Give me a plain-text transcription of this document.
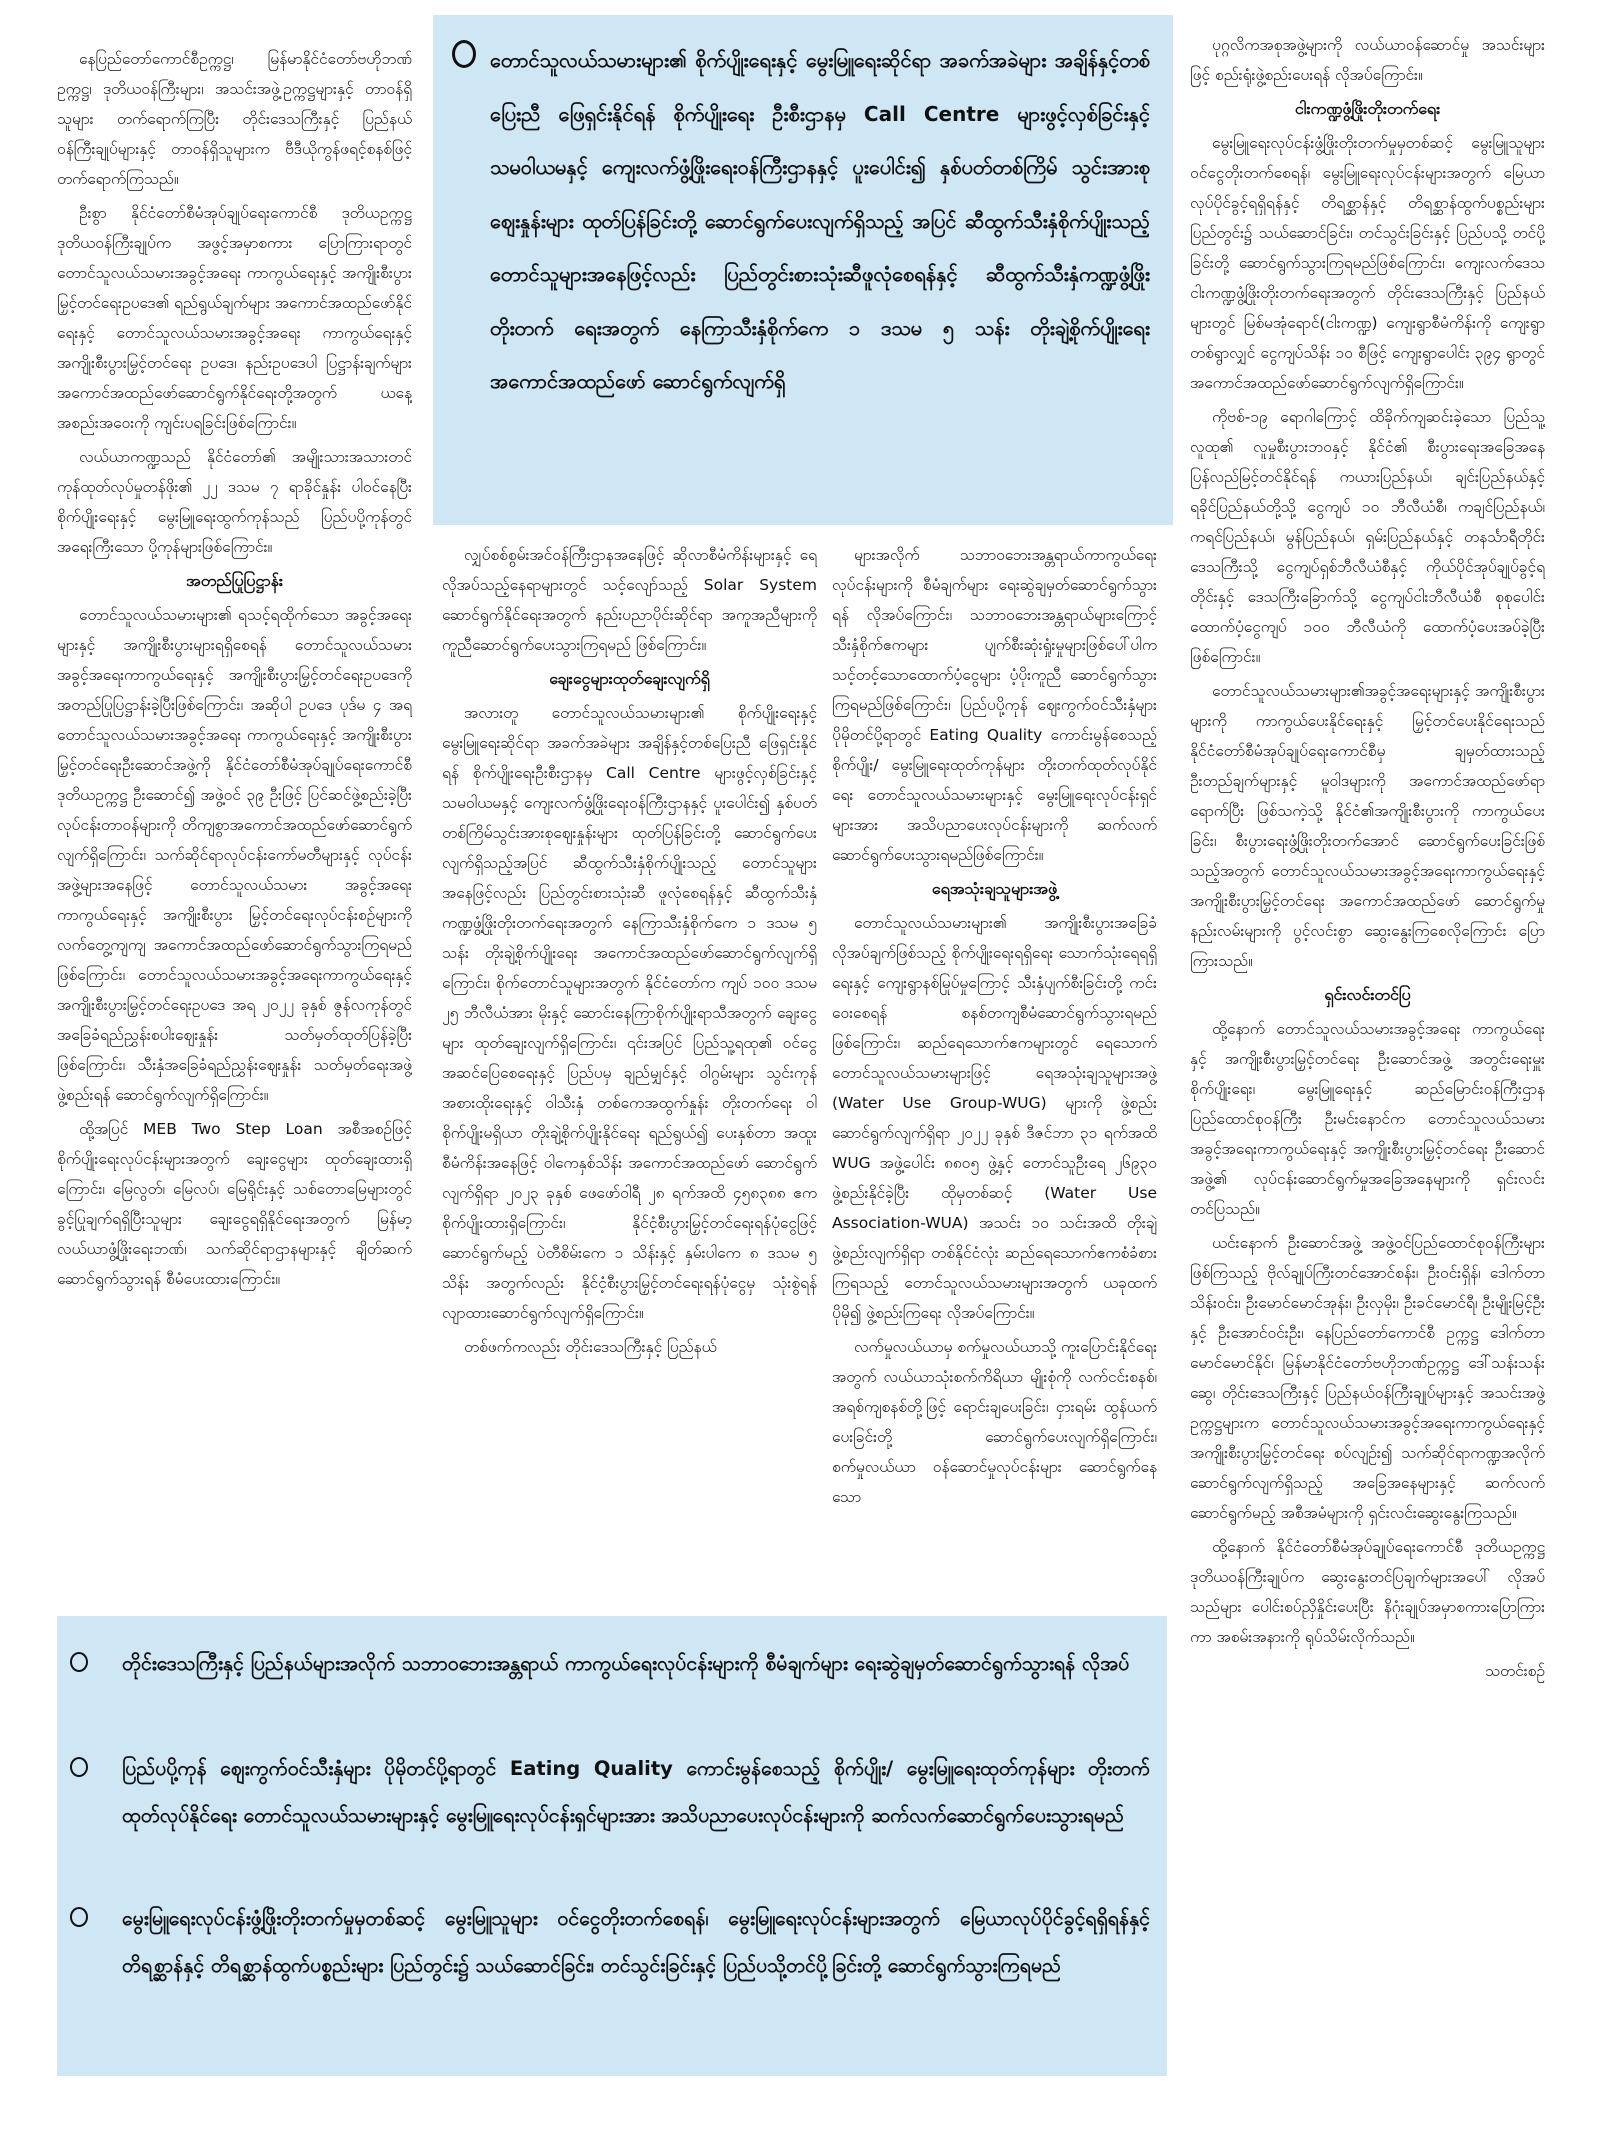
နေပြည်တော်ကောင်စီဥက္ကဋ္ဌ၊ မြန်မာနိုင်ငံတော်ဗဟိုဘဏ်ဥက္ကဋ္ဌ၊ ဒုတိယဝန်ကြီးများ၊ အသင်းအဖွဲ့ဥက္ကဋ္ဌများနှင့် တာဝန်ရှိသူများ တက်ရောက်ကြပြီး တိုင်းဒေသကြီးနှင့် ပြည်နယ်ဝန်ကြီးချုပ်များနှင့် တာဝန်ရှိသူများက ဗီဒီယိုကွန်ဖရင့်စနစ်ဖြင့် တက်ရောက်ကြသည်။

ဦးစွာ နိုင်ငံတော်စီမံအုပ်ချုပ်ရေးကောင်စီ ဒုတိယဥက္ကဋ္ဌ ဒုတိယဝန်ကြီးချုပ်က အဖွင့်အမှာစကား ပြောကြားရာတွင် တောင်သူလယ်သမားအခွင့်အရေး ကာကွယ်ရေးနှင့် အကျိုးစီးပွားမြှင့်တင်ရေးဥပဒေ၏ ရည်ရွယ်ချက်များ အကောင်အထည်ဖော်နိုင်ရေးနှင့် တောင်သူလယ်သမားအခွင့်အရေး ကာကွယ်ရေးနှင့် အကျိုးစီးပွားမြှင့်တင်ရေး ဥပဒေ၊ နည်းဥပဒေပါ ပြဋ္ဌာန်းချက်များ အကောင်အထည်ဖော်ဆောင်ရွက်နိုင်ရေးတို့အတွက် ယနေ့အစည်းအဝေးကို ကျင်းပရခြင်းဖြစ်ကြောင်း။

လယ်ယာကဏ္ဍသည် နိုင်ငံတော်၏ အမျိုးသားအသားတင်ကုန်ထုတ်လုပ်မှုတန်ဖိုး၏ ၂၂ ဒသမ ၇ ရာခိုင်နှုန်း ပါဝင်နေပြီး စိုက်ပျိုးရေးနှင့် မွေးမြူရေးထွက်ကုန်သည် ပြည်ပပို့ကုန်တွင် အရေးကြီးသော ပို့ကုန်များဖြစ်ကြောင်း။

အတည်ပြုပြဋ္ဌာန်း

တောင်သူလယ်သမားများ၏ ရသင့်ရထိုက်သော အခွင့်အရေးများနှင့် အကျိုးစီးပွားများရရှိစေရန် တောင်သူလယ်သမား အခွင့်အရေးကာကွယ်ရေးနှင့် အကျိုးစီးပွားမြှင့်တင်ရေးဥပဒေကို အတည်ပြုပြဋ္ဌာန်းခဲ့ပြီးဖြစ်ကြောင်း၊ အဆိုပါ ဥပဒေ ပုဒ်မ ၄ အရ တောင်သူလယ်သမားအခွင့်အရေး ကာကွယ်ရေးနှင့် အကျိုးစီးပွားမြှင့်တင်ရေးဦးဆောင်အဖွဲ့ကို နိုင်ငံတော်စီမံအုပ်ချုပ်ရေးကောင်စီ ဒုတိယဥက္ကဋ္ဌ ဦးဆောင်၍ အဖွဲ့ဝင် ၃၉ ဦးဖြင့် ပြင်ဆင်ဖွဲ့စည်းခဲ့ပြီး လုပ်ငန်းတာဝန်များကို တိကျစွာအကောင်အထည်ဖော်ဆောင်ရွက်လျက်ရှိကြောင်း၊ သက်ဆိုင်ရာလုပ်ငန်းကော်မတီများနှင့် လုပ်ငန်းအဖွဲ့များအနေဖြင့် တောင်သူလယ်သမား အခွင့်အရေးကာကွယ်ရေးနှင့် အကျိုးစီးပွား မြှင့်တင်ရေးလုပ်ငန်းစဉ်များကို လက်တွေ့ကျကျ အကောင်အထည်ဖော်ဆောင်ရွက်သွားကြရမည်ဖြစ်ကြောင်း၊ တောင်သူလယ်သမားအခွင့်အရေးကာကွယ်ရေးနှင့် အကျိုးစီးပွားမြှင့်တင်ရေးဥပဒေ အရ ၂၀၂၂ ခုနှစ် ဇွန်လကုန်တွင် အခြေခံရည်ညွှန်းစပါးဈေးနှုန်း သတ်မှတ်ထုတ်ပြန်ခဲ့ပြီးဖြစ်ကြောင်း၊ သီးနှံအခြေခံရည်ညွှန်းဈေးနှုန်း သတ်မှတ်ရေးအဖွဲ့ ဖွဲ့စည်းရန် ဆောင်ရွက်လျက်ရှိကြောင်း။

ထို့အပြင် MEB Two Step Loan အစီအစဉ်ဖြင့် စိုက်ပျိုးရေးလုပ်ငန်းများအတွက် ချေးငွေများ ထုတ်ချေးထားရှိကြောင်း၊ မြေလွတ်၊ မြေလပ်၊ မြေရိုင်းနှင့် သစ်တောမြေများတွင် ခွင့်ပြုချက်ရရှိပြီးသူများ ချေးငွေရရှိနိုင်ရေးအတွက် မြန်မာ့လယ်ယာဖွံ့ဖြိုးရေးဘဏ်၊ သက်ဆိုင်ရာဌာနများနှင့် ချိတ်ဆက်ဆောင်ရွက်သွားရန် စီမံပေးထားကြောင်း။

တောင်သူလယ်သမားများ၏ စိုက်ပျိုးရေးနှင့် မွေးမြူရေးဆိုင်ရာ အခက်အခဲများ အချိန်နှင့်တစ်ပြေးညီ ဖြေရှင်းနိုင်ရန် စိုက်ပျိုးရေး ဦးစီးဌာနမှ Call Centre များဖွင့်လှစ်ခြင်းနှင့် သမဝါယမနှင့် ကျေးလက်ဖွံ့ဖြိုးရေးဝန်ကြီးဌာနနှင့် ပူးပေါင်း၍ နှစ်ပတ်တစ်ကြိမ် သွင်းအားစုဈေးနှုန်းများ ထုတ်ပြန်ခြင်းတို့ ဆောင်ရွက်ပေးလျက်ရှိသည့် အပြင် ဆီထွက်သီးနှံစိုက်ပျိုးသည့် တောင်သူများအနေဖြင့်လည်း ပြည်တွင်းစားသုံးဆီဖူလုံစေရန်နှင့် ဆီထွက်သီးနှံကဏ္ဍဖွံ့ဖြိုးတိုးတက် ရေးအတွက် နေကြာသီးနှံစိုက်ကေ ၁ ဒသမ ၅ သန်း တိုးချဲ့စိုက်ပျိုးရေး အကောင်အထည်ဖော် ဆောင်ရွက်လျက်ရှိ

လျှပ်စစ်စွမ်းအင်ဝန်ကြီးဌာနအနေဖြင့် ဆိုလာစီမံကိန်းများနှင့် ရေလိုအပ်သည့်နေရာများတွင် သင့်လျော်သည့် Solar System ဆောင်ရွက်နိုင်ရေးအတွက် နည်းပညာပိုင်းဆိုင်ရာ အကူအညီများကို ကူညီဆောင်ရွက်ပေးသွားကြရမည် ဖြစ်ကြောင်း။

ချေးငွေများထုတ်ချေးလျက်ရှိ

အလားတူ တောင်သူလယ်သမားများ၏ စိုက်ပျိုးရေးနှင့် မွေးမြူရေးဆိုင်ရာ အခက်အခဲများ အချိန်နှင့်တစ်ပြေးညီ ဖြေရှင်းနိုင်ရန် စိုက်ပျိုးရေးဦးစီးဌာနမှ Call Centre များဖွင့်လှစ်ခြင်းနှင့် သမဝါယမနှင့် ကျေးလက်ဖွံ့ဖြိုးရေးဝန်ကြီးဌာနနှင့် ပူးပေါင်း၍ နှစ်ပတ်တစ်ကြိမ်သွင်းအားစုဈေးနှုန်းများ ထုတ်ပြန်ခြင်းတို့ ဆောင်ရွက်ပေးလျက်ရှိသည့်အပြင် ဆီထွက်သီးနှံစိုက်ပျိုးသည့် တောင်သူများအနေဖြင့်လည်း ပြည်တွင်းစားသုံးဆီ ဖူလုံစေရန်နှင့် ဆီထွက်သီးနှံကဏ္ဍဖွံ့ဖြိုးတိုးတက်ရေးအတွက် နေကြာသီးနှံစိုက်ကေ ၁ ဒသမ ၅ သန်း တိုးချဲ့စိုက်ပျိုးရေး အကောင်အထည်ဖော်ဆောင်ရွက်လျက်ရှိကြောင်း၊ စိုက်တောင်သူများအတွက် နိုင်ငံတော်က ကျပ် ၁၀၀ ဒသမ ၂၅ ဘီလီယံအား မိုးနှင့် ဆောင်းနေကြာစိုက်ပျိုးရာသီအတွက် ချေးငွေများ ထုတ်ချေးလျက်ရှိကြောင်း၊ ၎င်းအပြင် ပြည်သူ့ရထု၏ ဝင်ငွေအဆင်ပြေစေရေးနှင့် ပြည်ပမှ ချည်မျှင်နှင့် ဝါဂွမ်းများ သွင်းကုန်အစားထိုးရေးနှင့် ဝါသီးနှံ တစ်ကေအထွက်နှုန်း တိုးတက်ရေး ဝါစိုက်ပျိုးမရှိယာ တိုးချဲ့စိုက်ပျိုးနိုင်ရေး ရည်ရွယ်၍ ပေးနှစ်တာ အထူးစီမံကိန်းအနေဖြင့် ဝါကေနှစ်သိန်း အကောင်အထည်ဖော် ဆောင်ရွက်လျက်ရှိရာ ၂၀၂၃ ခုနှစ် ဖေဖော်ဝါရီ ၂၈ ရက်အထိ ၄၅၈၃၈၈ ဧက စိုက်ပျိုးထားရှိကြောင်း၊ နိုင်ငံ့စီးပွားမြှင့်တင်ရေးရန်ပုံငွေဖြင့် ဆောင်ရွက်မည့် ပဲတီစိမ်းကေ ၁ သိန်းနှင့် နှမ်းပါကေ ၈ ဒသမ ၅ သိန်း အတွက်လည်း နိုင်ငံ့စီးပွားမြှင့်တင်ရေးရန်ပုံငွေမှ သုံးစွဲရန် လျာထားဆောင်ရွက်လျက်ရှိကြောင်း။

တစ်ဖက်ကလည်း တိုင်းဒေသကြီးနှင့် ပြည်နယ်

များအလိုက် သဘာဝဘေးအန္တရာယ်ကာကွယ်ရေး လုပ်ငန်းများကို စီမံချက်များ ရေးဆွဲချမှတ်ဆောင်ရွက်သွားရန် လိုအပ်ကြောင်း၊ သဘာဝဘေးအန္တရာယ်များကြောင့် သီးနှံစိုက်ဧကများ ပျက်စီးဆုံးရှုံးမှုများဖြစ်ပေါ်ပါက သင့်တင့်သောထောက်ပံ့ငွေများ ပံ့ပိုးကူညီ ဆောင်ရွက်သွားကြရမည်ဖြစ်ကြောင်း၊ ပြည်ပပို့ကုန် ဈေးကွက်ဝင်သီးနှံများ ပိုမိုတင်ပို့ရာတွင် Eating Quality ကောင်းမွန်စေသည့် စိုက်ပျိုး/ မွေးမြူရေးထုတ်ကုန်များ တိုးတက်ထုတ်လုပ်နိုင်ရေး တောင်သူလယ်သမားများနှင့် မွေးမြူရေးလုပ်ငန်းရှင်များအား အသိပညာပေးလုပ်ငန်းများကို ဆက်လက်ဆောင်ရွက်ပေးသွားရမည်ဖြစ်ကြောင်း။

ရေအသုံးချသူများအဖွဲ့

တောင်သူလယ်သမားများ၏ အကျိုးစီးပွားအခြေခံလိုအပ်ချက်ဖြစ်သည့် စိုက်ပျိုးရေးရရှိရေး သောက်သုံးရေရရှိရေးနှင့် ကျေးရွာနစ်မြုပ်မှုကြောင့် သီးနှံပျက်စီးခြင်းတို့ ကင်းဝေးစေရန် စနစ်တကျစီမံဆောင်ရွက်သွားရမည် ဖြစ်ကြောင်း၊ ဆည်ရေသောက်ဧကများတွင် ရေသောက်တောင်သူလယ်သမားများဖြင့် ရေအသုံးချသူများအဖွဲ့ (Water Use Group-WUG) များကို ဖွဲ့စည်းဆောင်ရွက်လျက်ရှိရာ ၂၀၂၂ ခုနှစ် ဒီဇင်ဘာ ၃၁ ရက်အထိ WUG အဖွဲ့ပေါင်း ၈၈၀၅ ဖွဲ့နှင့် တောင်သူဦးရေ ၂၆၉၃၀ ဖွဲ့စည်းနိုင်ခဲ့ပြီး ထိုမှတစ်ဆင့် (Water Use Association-WUA) အသင်း ၁၀ သင်းအထိ တိုးချဲ့ဖွဲ့စည်းလျက်ရှိရာ တစ်နိုင်ငံလုံး ဆည်ရေသောက်ဧကစံခံစားကြရသည့် တောင်သူလယ်သမားများအတွက် ယခုထက်ပိုမို၍ ဖွဲ့စည်းကြရေး လိုအပ်ကြောင်း။

လက်မှုလယ်ယာမှ စက်မှုလယ်ယာသို့ ကူးပြောင်းနိုင်ရေးအတွက် လယ်ယာသုံးစက်ကိရိယာ မျိုးစုံကို လက်ငင်းစနစ်၊ အရစ်ကျစနစ်တို့ဖြင့် ရောင်းချပေးခြင်း၊ ငှားရမ်း ထွန်ယက်ပေးခြင်းတို့ ဆောင်ရွက်ပေးလျက်ရှိကြောင်း၊ စက်မှုလယ်ယာ ဝန်ဆောင်မှုလုပ်ငန်းများ ဆောင်ရွက်နေသော

ပုဂ္ဂလိကအစုအဖွဲ့များကို လယ်ယာဝန်ဆောင်မှု အသင်းများဖြင့် စည်းရုံးဖွဲ့စည်းပေးရန် လိုအပ်ကြောင်း။

ငါးကဏ္ဍဖွံ့ဖြိုးတိုးတက်ရေး

မွေးမြူရေးလုပ်ငန်းဖွံ့ဖြိုးတိုးတက်မှုမှတစ်ဆင့် မွေးမြူသူများ ဝင်ငွေတိုးတက်စေရန်၊ မွေးမြူရေးလုပ်ငန်းများအတွက် မြေယာလုပ်ပိုင်ခွင့်ရရှိရန်နှင့် တိရစ္ဆာန်နှင့် တိရစ္ဆာန်ထွက်ပစ္စည်းများ ပြည်တွင်း၌ သယ်ဆောင်ခြင်း၊ တင်သွင်းခြင်းနှင့် ပြည်ပသို့ တင်ပို့ခြင်းတို့ ဆောင်ရွက်သွားကြရမည်ဖြစ်ကြောင်း၊ ကျေးလက်ဒေသ ငါးကဏ္ဍဖွံ့ဖြိုးတိုးတက်ရေးအတွက် တိုင်းဒေသကြီးနှင့် ပြည်နယ်များတွင် မြစ်မအုံရောင်(ငါးကဏ္ဍ) ကျေးရွာစီမံကိန်းကို ကျေးရွာတစ်ရွာလျှင် ငွေကျပ်သိန်း ၁၀ စီဖြင့် ကျေးရွာပေါင်း ၃၉၄ ရွာတွင် အကောင်အထည်ဖော်ဆောင်ရွက်လျက်ရှိကြောင်း။

ကိုဗစ်-၁၉ ရောဂါကြောင့် ထိခိုက်ကျဆင်းခဲ့သော ပြည်သူ့လူထု၏ လူမှုစီးပွားဘဝနှင့် နိုင်ငံ၏ စီးပွားရေးအခြေအနေ ပြန်လည်မြင့်တင်နိုင်ရန် ကယားပြည်နယ်၊ ချင်းပြည်နယ်နှင့် ရခိုင်ပြည်နယ်တို့သို့ ငွေကျပ် ၁၀ ဘီလီယံစီ၊ ကချင်ပြည်နယ်၊ ကရင်ပြည်နယ်၊ မွန်ပြည်နယ်၊ ရှမ်းပြည်နယ်နှင့် တနင်္သာရီတိုင်းဒေသကြီးသို့ ငွေကျပ်ရှစ်ဘီလီယံစီနှင့် ကိုယ်ပိုင်အုပ်ချုပ်ခွင့်ရ တိုင်းနှင့် ဒေသကြီးခြောက်သို့ ငွေကျပ်ငါးဘီလီယံစီ စုစုပေါင်းထောက်ပံ့ငွေကျပ် ၁၀၀ ဘီလီယံကို ထောက်ပံ့ပေးအပ်ခဲ့ပြီးဖြစ်ကြောင်း။

တောင်သူလယ်သမားများ၏အခွင့်အရေးများနှင့် အကျိုးစီးပွားများကို ကာကွယ်ပေးနိုင်ရေးနှင့် မြှင့်တင်ပေးနိုင်ရေးသည် နိုင်ငံတော်စီမံအုပ်ချုပ်ရေးကောင်စီမှ ချမှတ်ထားသည့် ဦးတည်ချက်များနှင့် မူဝါဒများကို အကောင်အထည်ဖော်ရာရောက်ပြီး ဖြစ်သကဲ့သို့ နိုင်ငံ၏အကျိုးစီးပွားကို ကာကွယ်ပေးခြင်း၊ စီးပွားရေးဖွံ့ဖြိုးတိုးတက်အောင် ဆောင်ရွက်ပေးခြင်းဖြစ်သည့်အတွက် တောင်သူလယ်သမားအခွင့်အရေးကာကွယ်ရေးနှင့် အကျိုးစီးပွားမြှင့်တင်ရေး အကောင်အထည်ဖော် ဆောင်ရွက်မှုနည်းလမ်းများကို ပွင့်လင်းစွာ ဆွေးနွေးကြစေလိုကြောင်း ပြောကြားသည်။

ရှင်းလင်းတင်ပြ

ထို့နောက် တောင်သူလယ်သမားအခွင့်အရေး ကာကွယ်ရေးနှင့် အကျိုးစီးပွားမြှင့်တင်ရေး ဦးဆောင်အဖွဲ့ အတွင်းရေးမှူး စိုက်ပျိုးရေး၊ မွေးမြူရေးနှင့် ဆည်မြောင်းဝန်ကြီးဌာန ပြည်ထောင်စုဝန်ကြီး ဦးမင်းနောင်က တောင်သူလယ်သမားအခွင့်အရေးကာကွယ်ရေးနှင့် အကျိုးစီးပွားမြှင့်တင်ရေး ဦးဆောင်အဖွဲ့၏ လုပ်ငန်းဆောင်ရွက်မှုအခြေအနေများကို ရှင်းလင်းတင်ပြသည်။

ယင်းနောက် ဦးဆောင်အဖွဲ့ အဖွဲ့ဝင်ပြည်ထောင်စုဝန်ကြီးများဖြစ်ကြသည့် ဗိုလ်ချုပ်ကြီးတင်အောင်စန်း၊ ဦးဝင်းရှိန်၊ ဒေါက်တာသိန်းဝင်း၊ ဦးမောင်မောင်အုန်း၊ ဦးလှမိုး၊ ဦးခင်မောင်ရီ၊ ဦးမျိုးမြင့်ဦးနှင့် ဦးအောင်ဝင်းဦး၊ နေပြည်တော်ကောင်စီ ဥက္ကဋ္ဌ ဒေါက်တာမောင်မောင်နိုင်၊ မြန်မာနိုင်ငံတော်ဗဟိုဘဏ်ဥက္ကဋ္ဌ ဒေါ်သန်းသန်းဆွေ၊ တိုင်းဒေသကြီးနှင့် ပြည်နယ်ဝန်ကြီးချုပ်များနှင့် အသင်းအဖွဲ့ဥက္ကဋ္ဌများက တောင်သူလယ်သမားအခွင့်အရေးကာကွယ်ရေးနှင့် အကျိုးစီးပွားမြှင့်တင်ရေး စပ်လျဉ်း၍ သက်ဆိုင်ရာကဏ္ဍအလိုက် ဆောင်ရွက်လျက်ရှိသည့် အခြေအနေများနှင့် ဆက်လက်ဆောင်ရွက်မည့် အစီအမံများကို ရှင်းလင်းဆွေးနွေးကြသည်။

ထို့နောက် နိုင်ငံတော်စီမံအုပ်ချုပ်ရေးကောင်စီ ဒုတိယဥက္ကဋ္ဌ ဒုတိယဝန်ကြီးချုပ်က ဆွေးနွေးတင်ပြချက်များအပေါ် လိုအပ်သည်များ ပေါင်းစပ်ညှိနှိုင်းပေးပြီး နိဂုံးချုပ်အမှာစကားပြောကြားကာ အစမ်းအနားကို ရုပ်သိမ်းလိုက်သည်။

သတင်းစဉ်

တိုင်းဒေသကြီးနှင့် ပြည်နယ်များအလိုက် သဘာဝဘေးအန္တရာယ် ကာကွယ်ရေးလုပ်ငန်းများကို စီမံချက်များ ရေးဆွဲချမှတ်ဆောင်ရွက်သွားရန် လိုအပ်
ပြည်ပပို့ကုန် ဈေးကွက်ဝင်သီးနှံများ ပိုမိုတင်ပို့ရာတွင် Eating Quality ကောင်းမွန်စေသည့် စိုက်ပျိုး/ မွေးမြူရေးထုတ်ကုန်များ တိုးတက်ထုတ်လုပ်နိုင်ရေး တောင်သူလယ်သမားများနှင့် မွေးမြူရေးလုပ်ငန်းရှင်များအား အသိပညာပေးလုပ်ငန်းများကို ဆက်လက်ဆောင်ရွက်ပေးသွားရမည်
မွေးမြူရေးလုပ်ငန်းဖွံ့ဖြိုးတိုးတက်မှုမှတစ်ဆင့် မွေးမြူသူများ ဝင်ငွေတိုးတက်စေရန်၊ မွေးမြူရေးလုပ်ငန်းများအတွက် မြေယာလုပ်ပိုင်ခွင့်ရရှိရန်နှင့် တိရစ္ဆာန်နှင့် တိရစ္ဆာန်ထွက်ပစ္စည်းများ ပြည်တွင်း၌ သယ်ဆောင်ခြင်း၊ တင်သွင်းခြင်းနှင့် ပြည်ပသို့တင်ပို့ခြင်းတို့ ဆောင်ရွက်သွားကြရမည်
